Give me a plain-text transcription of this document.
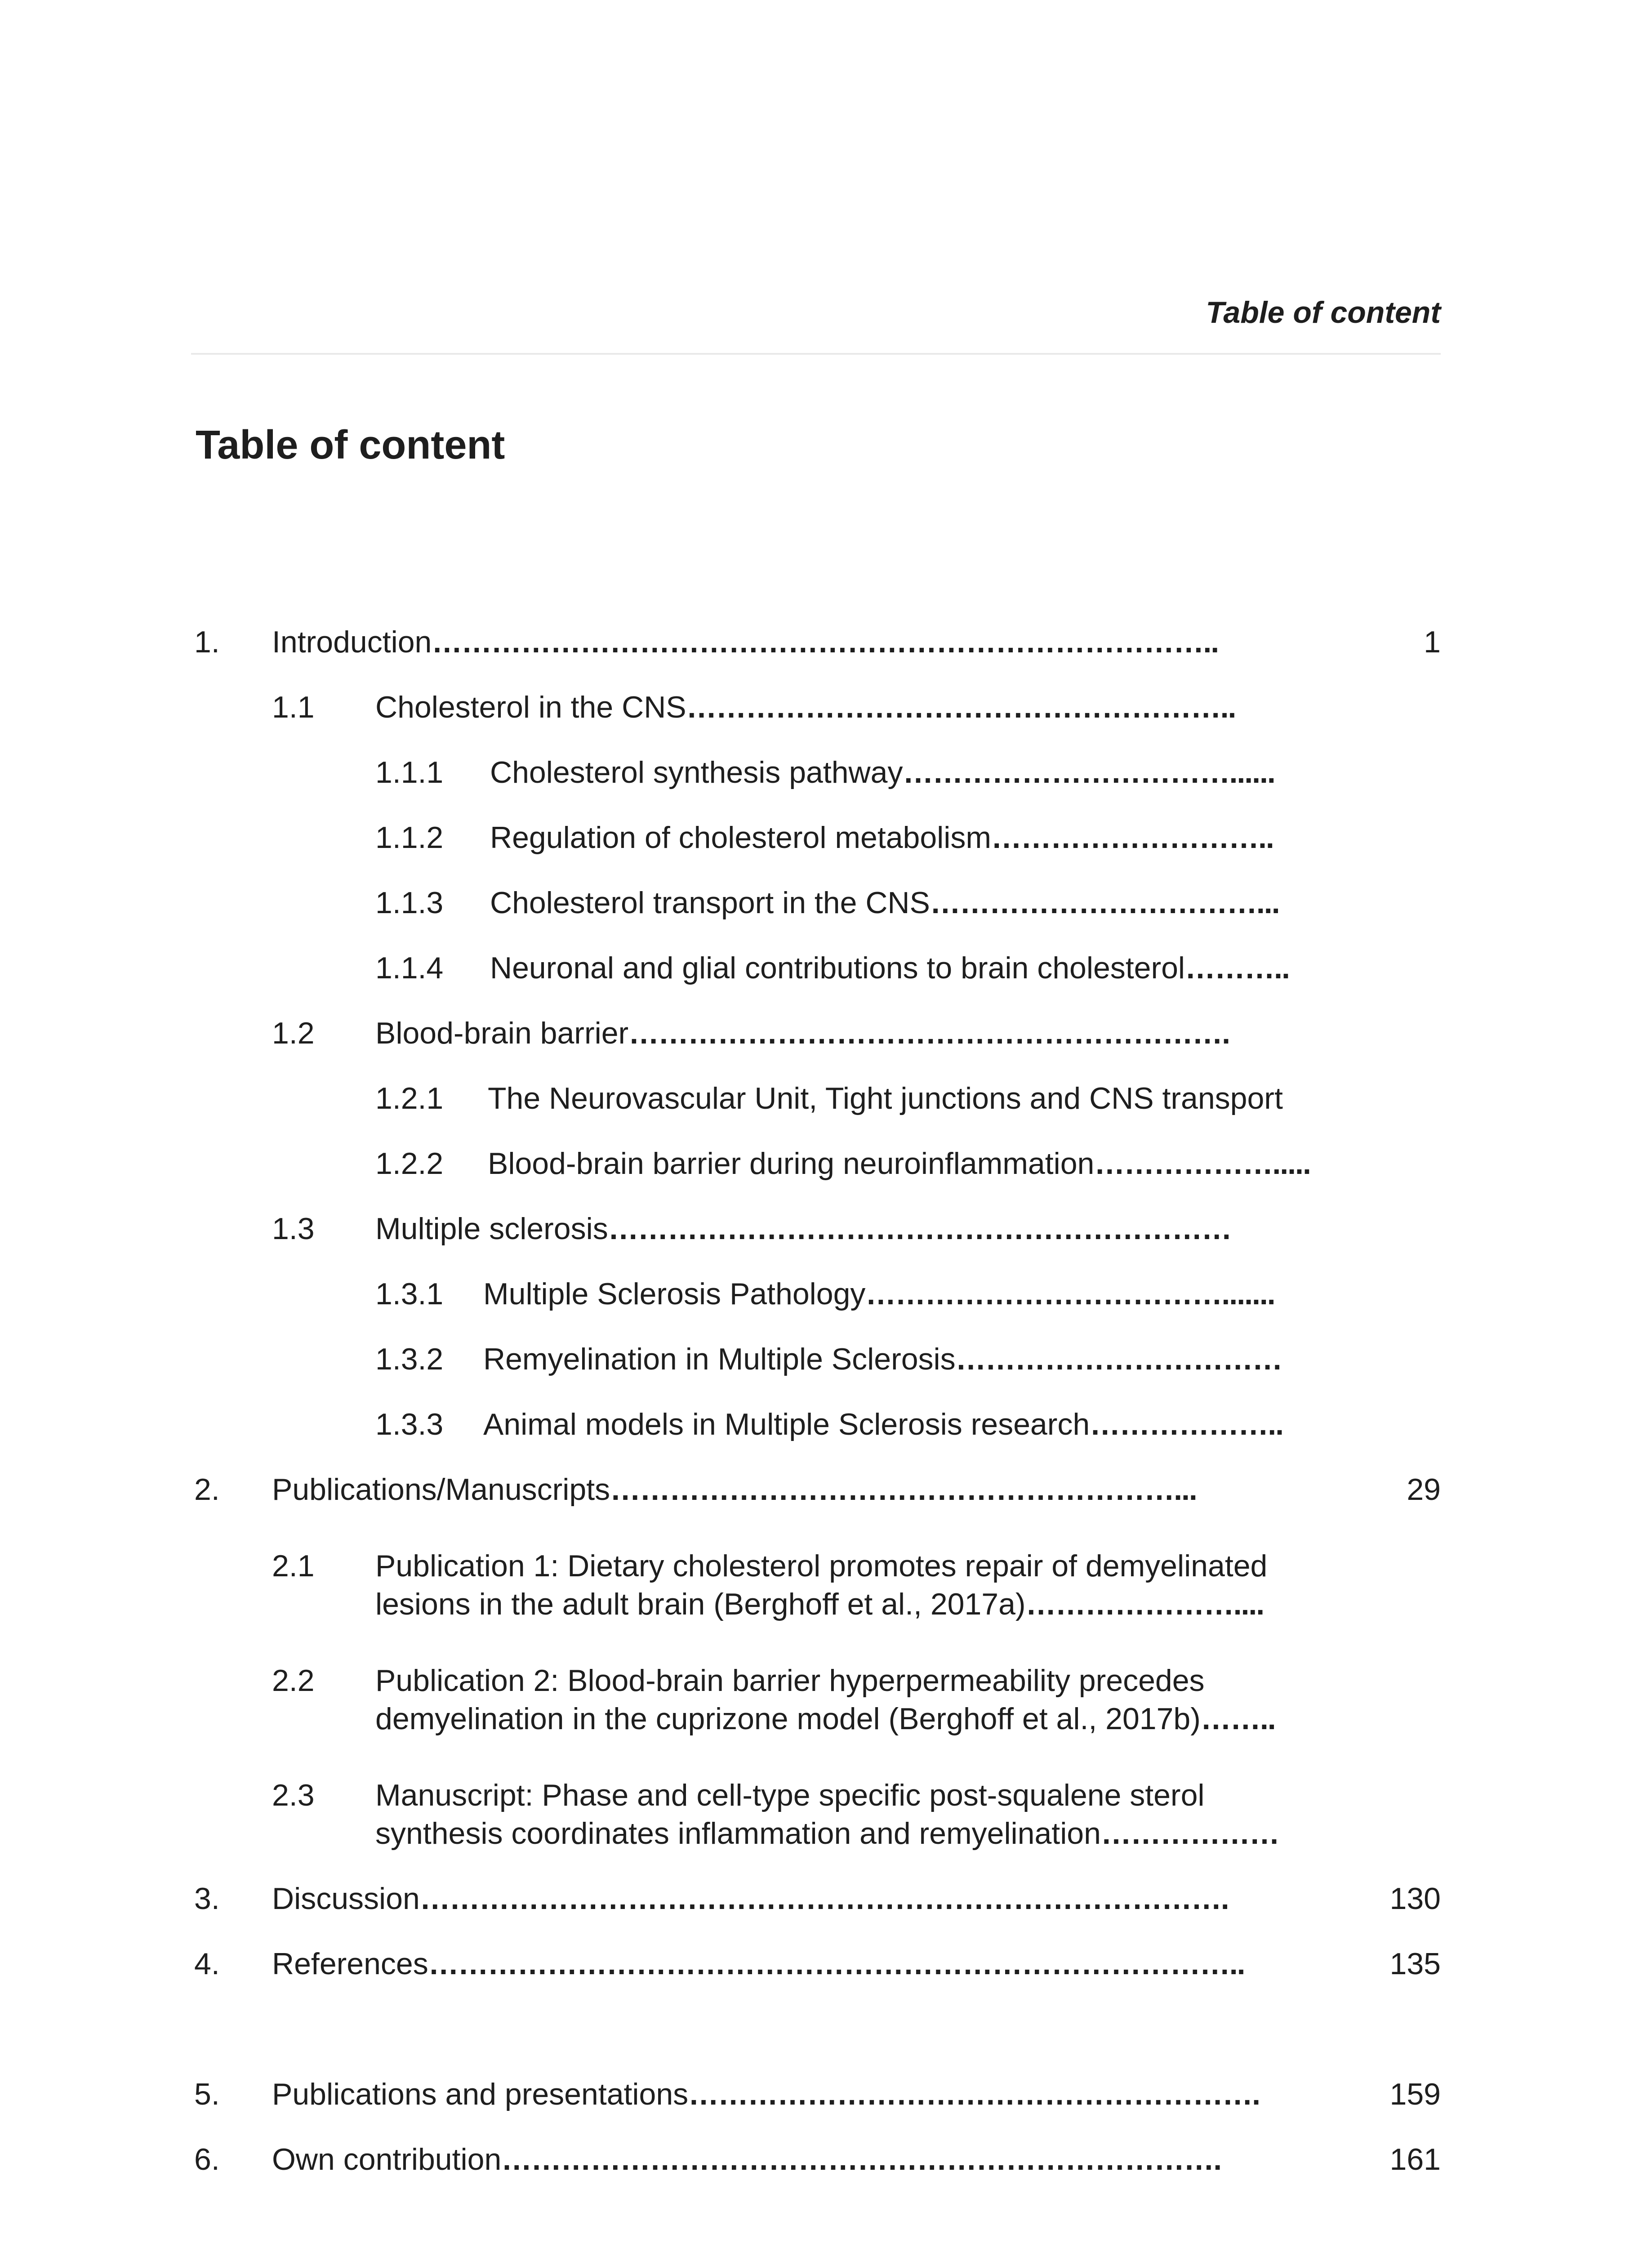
Table of content
Table of content
1. Introduction……………………………………………………………………..	1
1.1 Cholesterol in the CNS………………………………………………..
1.1.1 Cholesterol synthesis pathway……………………………......
1.1.2 Regulation of cholesterol metabolism………………………..
1.1.3 Cholesterol transport in the CNS……………………………...
1.1.4 Neuronal and glial contributions to brain cholesterol………..
1.2 Blood-brain barrier…………………………………………………….
1.2.1 The Neurovascular Unit, Tight junctions and CNS transport
1.2.2 Blood-brain barrier during neuroinflammation……………….....
1.3 Multiple sclerosis………………………………………………………
1.3.1 Multiple Sclerosis Pathology……………………………….......
1.3.2 Remyelination in Multiple Sclerosis……………………………
1.3.3 Animal models in Multiple Sclerosis research………………..
2. Publications/Manuscripts…………………………………………………...	29
2.1 Publication 1: Dietary cholesterol promotes repair of demyelinated
lesions in the adult brain (Berghoff et al., 2017a)…………………....
2.2 Publication 2: Blood-brain barrier hyperpermeability precedes
demyelination in the cuprizone model (Berghoff et al., 2017b)……..
2.3 Manuscript: Phase and cell-type specific post-squalene sterol
synthesis coordinates inflammation and remyelination………………
3. Discussion……………………………………………………………………….	130
4. References………………………………………………………………………..	135
5. Publications and presentations………………………………………………….	159
6. Own contribution……………………………………………………………….	161
